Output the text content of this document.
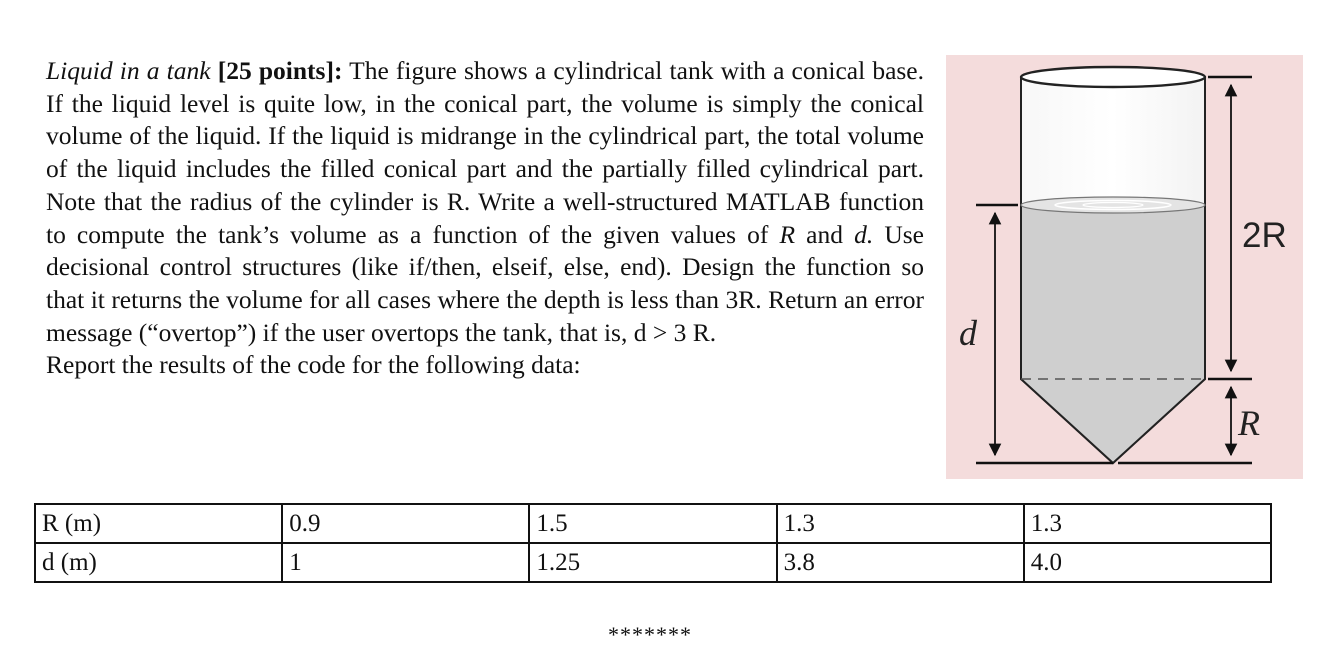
Liquid in a tank [25 points]: The figure shows a cylindrical tank with a conical base. If the liquid level is quite low, in the conical part, the volume is simply the conical volume of the liquid. If the liquid is midrange in the cylindrical part, the total volume of the liquid includes the filled conical part and the partially filled cylindrical part. Note that the radius of the cylinder is R. Write a well-structured MATLAB function to compute the tank’s volume as a function of the given values of R and d. Use decisional control structures (like if/then, elseif, else, end). Design the function so that it returns the volume for all cases where the depth is less than 3R. Return an error message (“overtop”) if the user overtops the tank, that is, d > 3 R.
Report the results of the code for the following data:

d
2R
R
R (m)	0.9	1.5	1.3	1.3
d (m)	1	1.25	3.8	4.0
*******
